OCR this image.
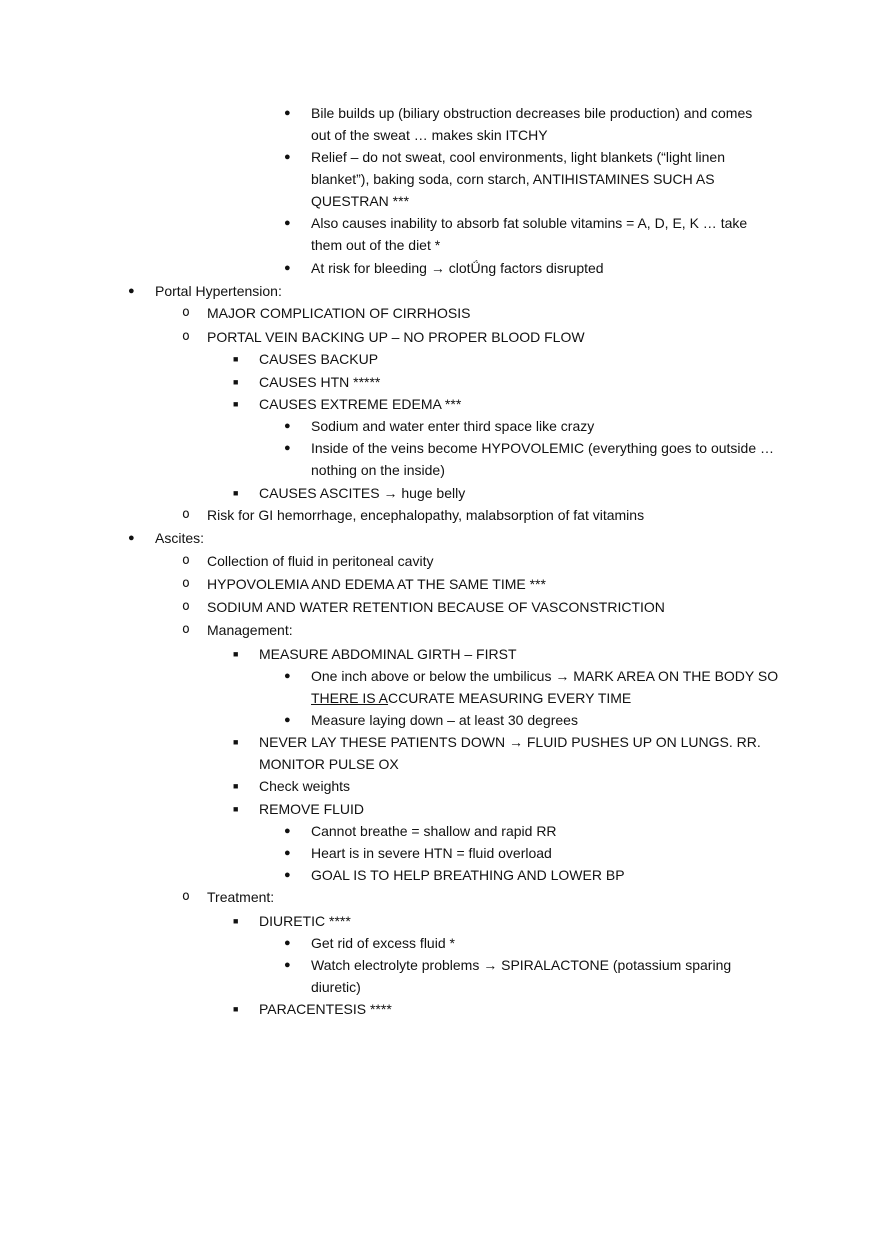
● Bile builds up (biliary obstruction decreases bile production) and comes
out of the sweat … makes skin ITCHY
● Relief – do not sweat, cool environments, light blankets (“light linen
blanket”), baking soda, corn starch, ANTIHISTAMINES SUCH AS
QUESTRAN ***
● Also causes inability to absorb fat soluble vitamins = A, D, E, K … take
them out of the diet *
● At risk for bleeding → clotǗng factors disrupted
● Portal Hypertension:
o MAJOR COMPLICATION OF CIRRHOSIS
o PORTAL VEIN BACKING UP – NO PROPER BLOOD FLOW
■ CAUSES BACKUP
■ CAUSES HTN *****
■ CAUSES EXTREME EDEMA ***
● Sodium and water enter third space like crazy
● Inside of the veins become HYPOVOLEMIC (everything goes to outside …
nothing on the inside)
■ CAUSES ASCITES → huge belly
o Risk for GI hemorrhage, encephalopathy, malabsorption of fat vitamins
● Ascites:
o Collection of fluid in peritoneal cavity
o HYPOVOLEMIA AND EDEMA AT THE SAME TIME ***
o SODIUM AND WATER RETENTION BECAUSE OF VASCONSTRICTION
o Management:
■ MEASURE ABDOMINAL GIRTH – FIRST
● One inch above or below the umbilicus → MARK AREA ON THE BODY SO
THERE IS ACCURATE MEASURING EVERY TIME
● Measure laying down – at least 30 degrees
■ NEVER LAY THESE PATIENTS DOWN → FLUID PUSHES UP ON LUNGS. RR.
MONITOR PULSE OX
■ Check weights
■ REMOVE FLUID
● Cannot breathe = shallow and rapid RR
● Heart is in severe HTN = fluid overload
● GOAL IS TO HELP BREATHING AND LOWER BP
o Treatment:
■ DIURETIC ****
● Get rid of excess fluid *
● Watch electrolyte problems → SPIRALACTONE (potassium sparing
diuretic)
■ PARACENTESIS ****
